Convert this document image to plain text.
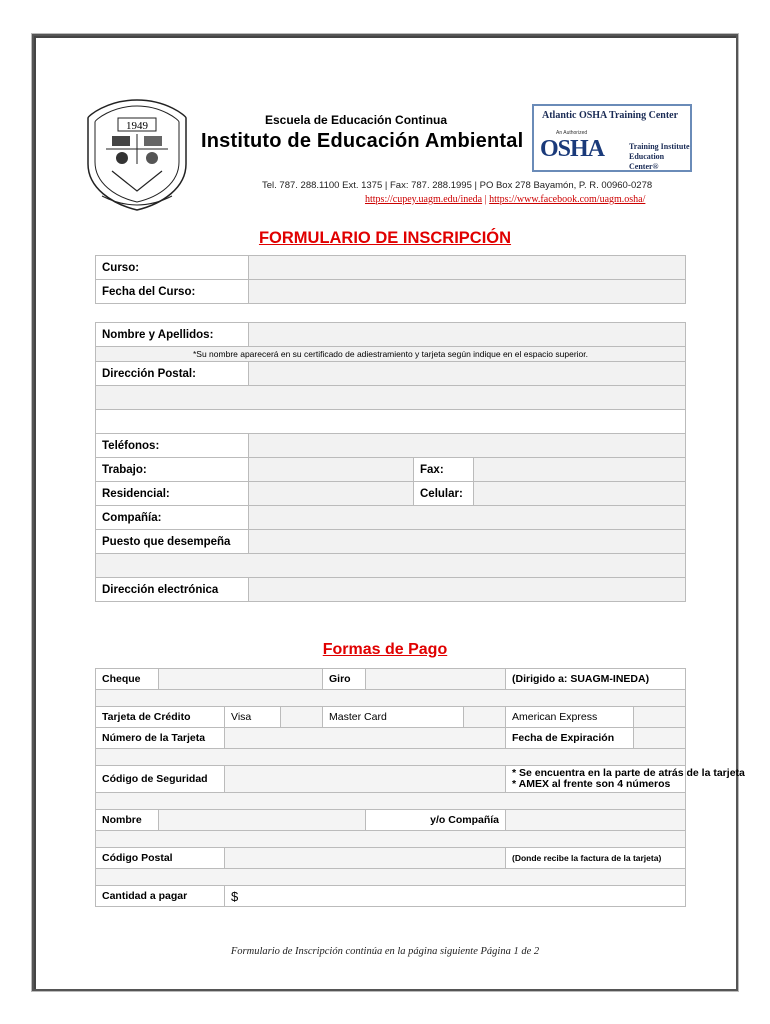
1949	Escuela de Educación Continua
Instituto de Educación Ambiental
Atlantic OSHA Training Center
An Authorized
OSHA	Training Institute
Education Center®
Tel. 787. 288.1100 Ext. 1375 | Fax: 787. 288.1995 | PO Box 278 Bayamón, P. R. 00960-0278
https://cupey.uagm.edu/ineda | https://www.facebook.com/uagm.osha/
FORMULARIO DE INSCRIPCIÓN
Curso:	
Fecha del Curso:	
Nombre y Apellidos:			
*Su nombre aparecerá en su certificado de adiestramiento y tarjeta según indique en el espacio superior.			
Dirección Postal:			

Teléfonos:			
Trabajo:		Fax:	
Residencial:		Celular:	
Compañía:			
Puesto que desempeña			

Dirección electrónica			
Formas de Pago
Cheque				Giro			(Dirigido a: SUAGM-INEDA)	

Tarjeta de Crédito		Visa		Master Card			American Express	
Número de la Tarjeta							Fecha de Expiración	

Código de Seguridad							* Se encuentra en la parte de atrás de la tarjeta
* AMEX al frente son 4 números	

Nombre					y/o Compañía			

Código Postal							(Donde recibe la factura de la tarjeta)	

Cantidad a pagar		$						
Formulario de Inscripción continúa en la página siguiente Página 1 de 2
